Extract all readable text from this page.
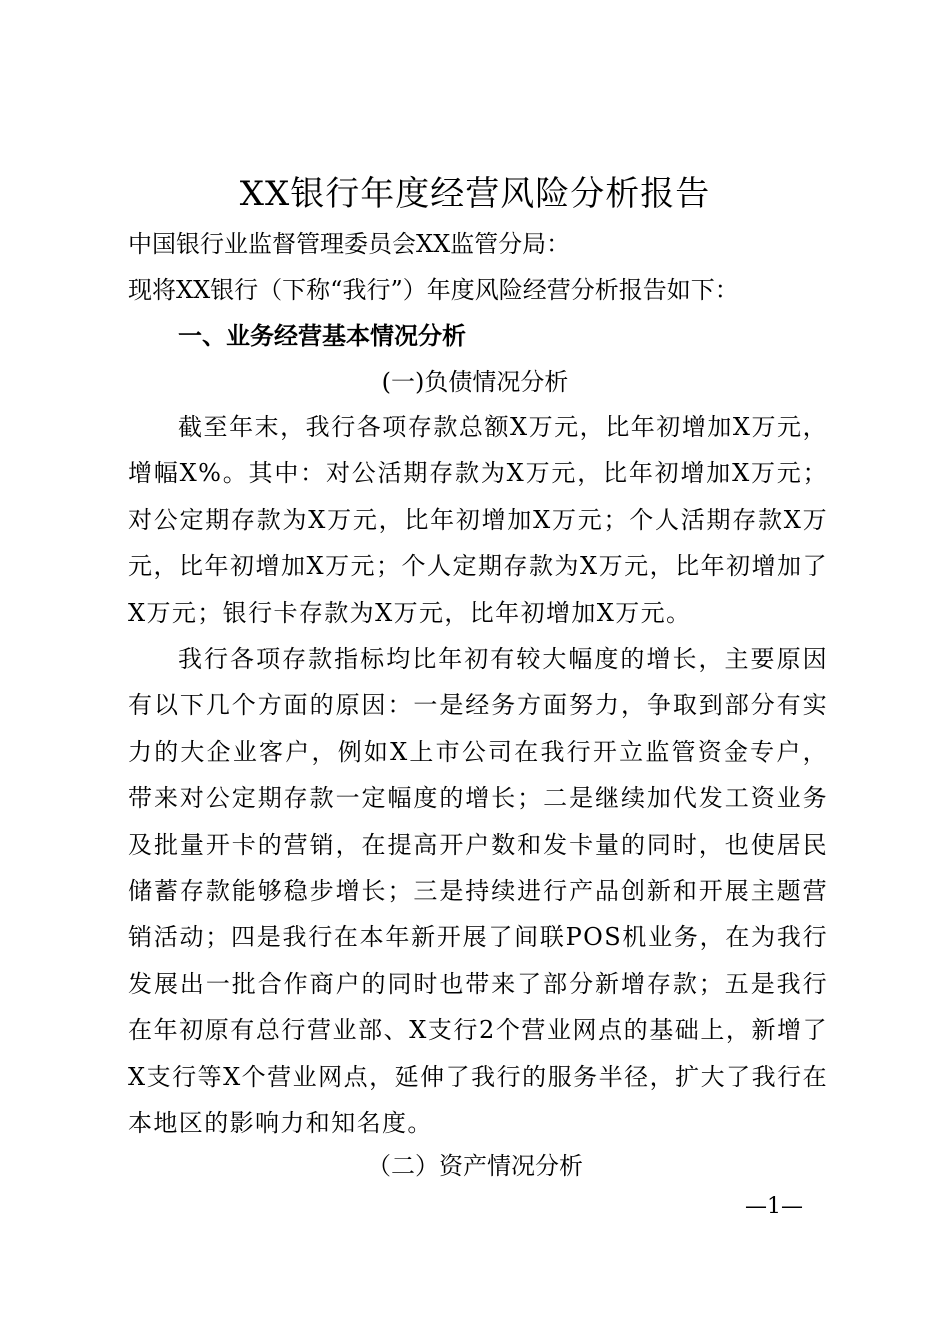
XX银行年度经营风险分析报告
中国银行业监督管理委员会XX监管分局：
现将XX银行（下称“我行”）年度风险经营分析报告如下：
一、业务经营基本情况分析
(一)负债情况分析
截至年末，我行各项存款总额X万元，比年初增加X万元，增幅X%。其中：对公活期存款为X万元，比年初增加X万元；对公定期存款为X万元，比年初增加X万元；个人活期存款X万元，比年初增加X万元；个人定期存款为X万元，比年初增加了X万元；银行卡存款为X万元，比年初增加X万元。
我行各项存款指标均比年初有较大幅度的增长，主要原因有以下几个方面的原因：一是经务方面努力，争取到部分有实力的大企业客户，例如X上市公司在我行开立监管资金专户，带来对公定期存款一定幅度的增长；二是继续加代发工资业务及批量开卡的营销，在提高开户数和发卡量的同时，也使居民储蓄存款能够稳步增长；三是持续进行产品创新和开展主题营销活动；四是我行在本年新开展了间联POS机业务，在为我行发展出一批合作商户的同时也带来了部分新增存款；五是我行在年初原有总行营业部、X支行2个营业网点的基础上，新增了X支行等X个营业网点，延伸了我行的服务半径，扩大了我行在本地区的影响力和知名度。
（二）资产情况分析
—1—
